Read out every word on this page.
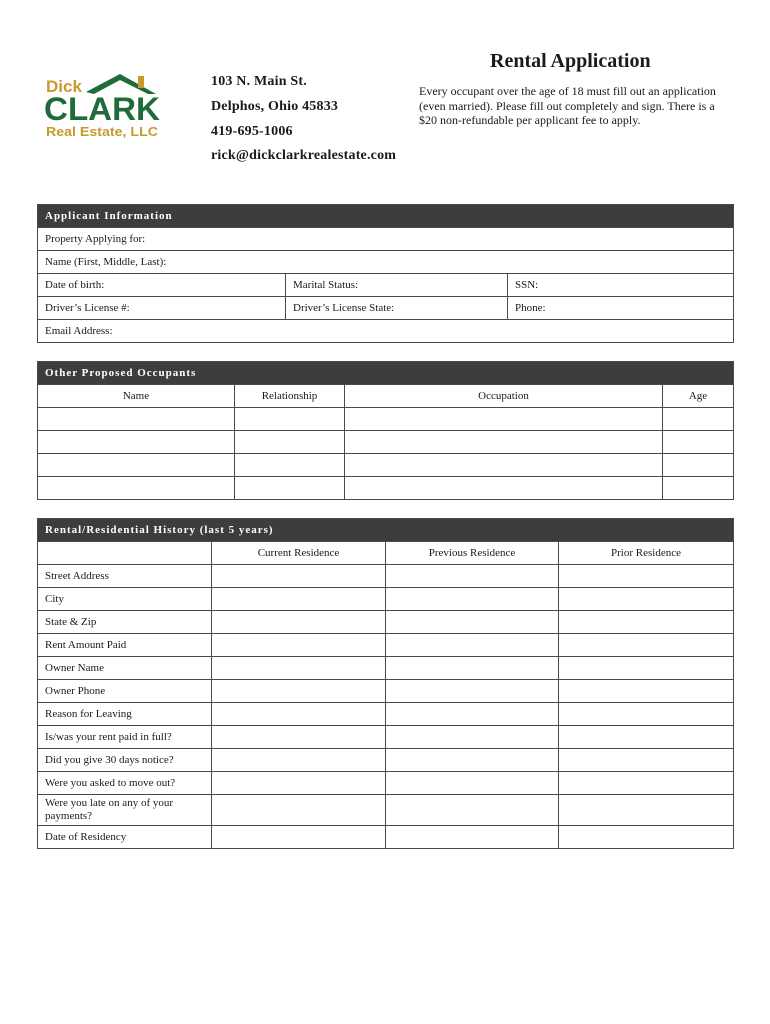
Dick
CLARK
Real Estate, LLC
103 N. Main St.
Delphos, Ohio 45833
419-695-1006
rick@dickclarkrealestate.com
Rental Application
Every occupant over the age of 18 must fill out an application (even married). Please fill out completely and sign. There is a $20 non-refundable per applicant fee to apply.
Applicant Information		
Property Applying for:		
Name (First, Middle, Last):		
Date of birth:	Marital Status:	SSN:
Driver’s License #:	Driver’s License State:	Phone:
Email Address:		
Other Proposed Occupants			
Name	Relationship	Occupation	Age

Rental/Residential History (last 5 years)			
	Current Residence	Previous Residence	Prior Residence
Street Address			
City			
State & Zip			
Rent Amount Paid			
Owner Name			
Owner Phone			
Reason for Leaving			
Is/was your rent paid in full?			
Did you give 30 days notice?			
Were you asked to move out?			
Were you late on any of your payments?			
Date of Residency			
